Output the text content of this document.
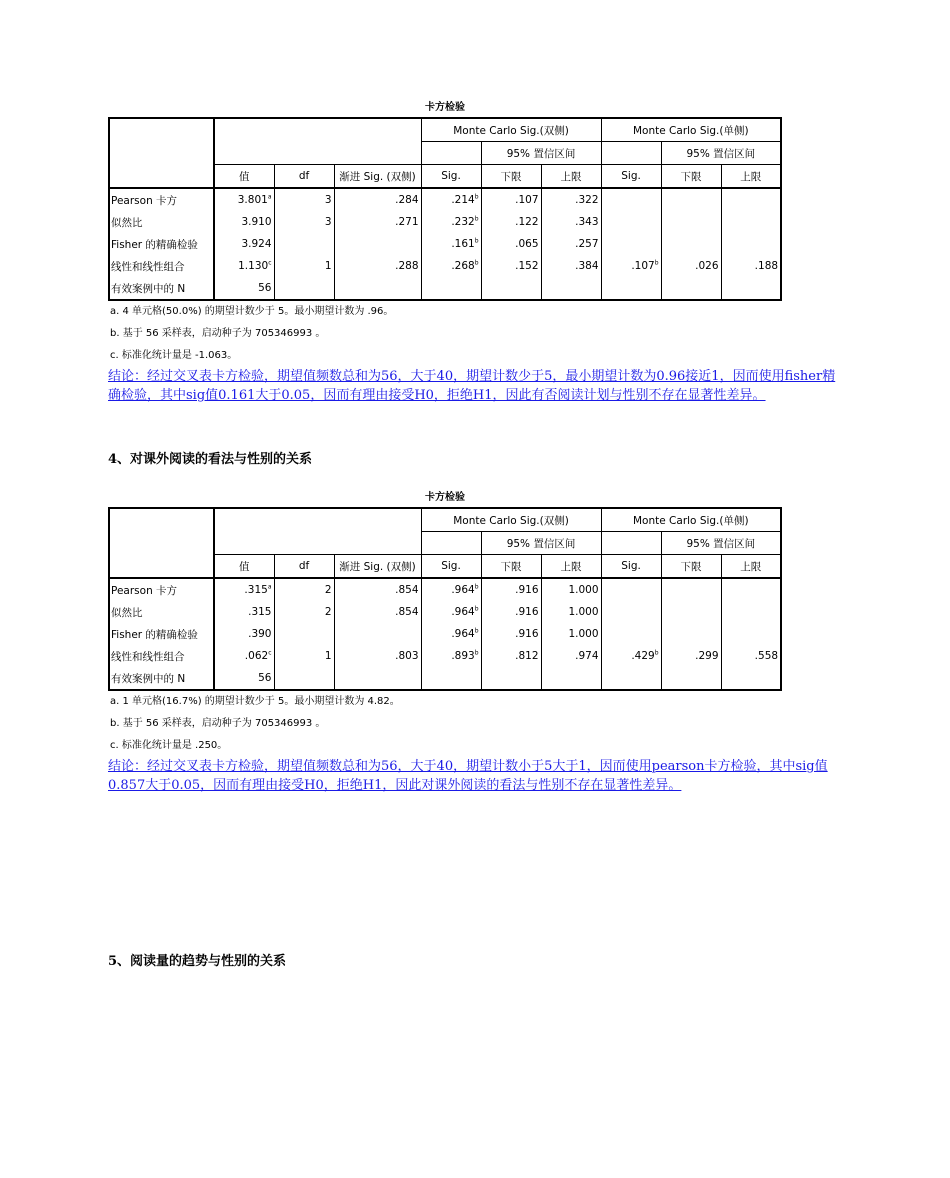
卡方检验
				Monte Carlo Sig.(双侧)			Monte Carlo Sig.(单侧)		
					95% 置信区间			95% 置信区间	
	值	df	渐进 Sig. (双侧)	Sig.	下限	上限	Sig.	下限	上限
Pearson 卡方	3.801$^a$	3	.284	.214$^b$	.107	.322			
似然比	3.910	3	.271	.232$^b$	.122	.343			
Fisher 的精确检验	3.924			.161$^b$	.065	.257			
线性和线性组合	1.130$^c$	1	.288	.268$^b$	.152	.384	.107$^b$	.026	.188
有效案例中的 N	56								
a. 4 单元格(50.0%) 的期望计数少于 5。最小期望计数为 .96。
b. 基于 56 采样表，启动种子为 705346993 。
c. 标准化统计量是 -1.063。
结论：经过交叉表卡方检验，期望值频数总和为56，大于40，期望计数少于5，最小期望计数为0.96接近1，因而使用fisher精确检验，其中sig值0.161大于0.05，因而有理由接受H0，拒绝H1，因此有否阅读计划与性别不存在显著性差异。
4、对课外阅读的看法与性别的关系
卡方检验
				Monte Carlo Sig.(双侧)			Monte Carlo Sig.(单侧)		
					95% 置信区间			95% 置信区间	
	值	df	渐进 Sig. (双侧)	Sig.	下限	上限	Sig.	下限	上限
Pearson 卡方	.315$^a$	2	.854	.964$^b$	.916	1.000			
似然比	.315	2	.854	.964$^b$	.916	1.000			
Fisher 的精确检验	.390			.964$^b$	.916	1.000			
线性和线性组合	.062$^c$	1	.803	.893$^b$	.812	.974	.429$^b$	.299	.558
有效案例中的 N	56								
a. 1 单元格(16.7%) 的期望计数少于 5。最小期望计数为 4.82。
b. 基于 56 采样表，启动种子为 705346993 。
c. 标准化统计量是 .250。
结论：经过交叉表卡方检验，期望值频数总和为56，大于40，期望计数小于5大于1，因而使用pearson卡方检验，其中sig值0.857大于0.05，因而有理由接受H0，拒绝H1，因此对课外阅读的看法与性别不存在显著性差异。
5、阅读量的趋势与性别的关系
